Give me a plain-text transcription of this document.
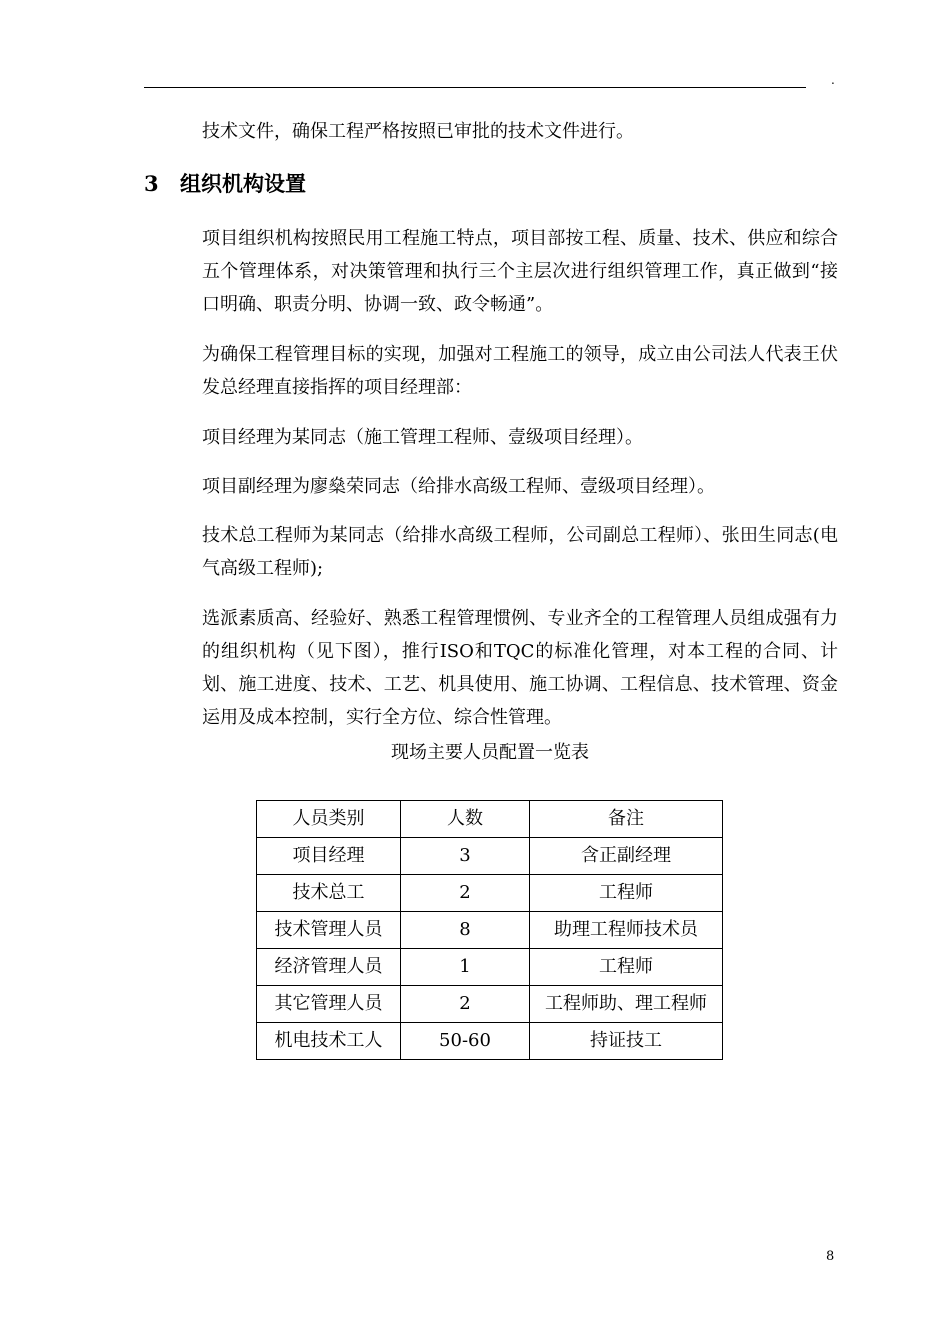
.

技术文件，确保工程严格按照已审批的技术文件进行。

3 组织机构设置

项目组织机构按照民用工程施工特点，项目部按工程、质量、技术、供应和综合五个管理体系，对决策管理和执行三个主层次进行组织管理工作，真正做到“接口明确、职责分明、协调一致、政令畅通”。

为确保工程管理目标的实现，加强对工程施工的领导，成立由公司法人代表王伏发总经理直接指挥的项目经理部：

项目经理为某同志（施工管理工程师、壹级项目经理）。

项目副经理为廖燊荣同志（给排水高级工程师、壹级项目经理）。

技术总工程师为某同志（给排水高级工程师，公司副总工程师）、张田生同志(电气高级工程师);

选派素质高、经验好、熟悉工程管理惯例、专业齐全的工程管理人员组成强有力的组织机构（见下图），推行ISO和TQC的标准化管理，对本工程的合同、计划、施工进度、技术、工艺、机具使用、施工协调、工程信息、技术管理、资金运用及成本控制，实行全方位、综合性管理。

现场主要人员配置一览表

人员类别	人数	备注
项目经理	3	含正副经理
技术总工	2	工程师
技术管理人员	8	助理工程师技术员
经济管理人员	1	工程师
其它管理人员	2	工程师助、理工程师
机电技术工人	50-60	持证技工
8
